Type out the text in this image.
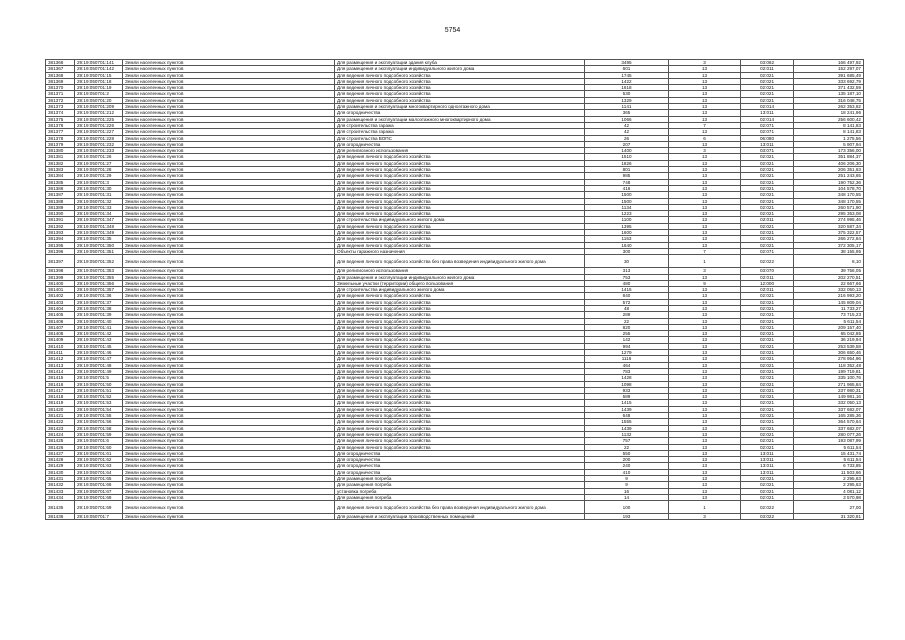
5754
381366	29:19:050701:141	Земли населенных пунктов	Для размещения и эксплуатации здания клуба	3495	3	03:062	166 497,92
381367	29:19:050701:142	Земли населенных пунктов	Для размещения и эксплуатации индивидуального жилого дома	601	13	02:011	152 297,07
381368	29:19:050701:15	Земли населенных пунктов	Для ведения личного подсобного хозяйства	1745	13	02:021	391 685,49
381369	29:19:050701:18	Земли населенных пунктов	Для ведения личного подсобного хозяйства	1422	13	02:021	333 692,79
381370	29:19:050701:19	Земли населенных пунктов	Для ведения личного подсобного хозяйства	1618	13	02:021	371 432,59
381371	29:19:050701:2	Земли населенных пунктов	Для ведения личного подсобного хозяйства	530	13	02:021	135 187,10
381372	29:19:050701:20	Земли населенных пунктов	Для ведения личного подсобного хозяйства	1329	13	02:021	316 048,75
381373	29:19:050701:209	Земли населенных пунктов	Для размещения и эксплуатации многоквартирного одноэтажного дома	1141	13	02:014	262 353,82
381374	29:19:050701:212	Земли населенных пунктов	Для огородничества	365	13	13:011	18 241,96
381375	29:19:050701:225	Земли населенных пунктов	Для размещения и эксплуатации малоэтажного многоквартирного дома	1066	13	02:014	256 600,42
381376	29:19:050701:226	Земли населенных пунктов	Для строительства гаража	42	7	02:071	8 141,83
381377	29:19:050701:227	Земли населенных пунктов	Для строительства гаража	42	13	02:071	8 141,83
381378	29:19:050701:228	Земли населенных пунктов	Для строительства ВОПС	26	6	06:080	1 275,56
381379	29:19:050701:232	Земли населенных пунктов	Для огородничества	207	13	13:011	5 907,94
381380	29:19:050701:233	Земли населенных пунктов	Для религиозного использования	1400	3	03:071	173 356,00
381381	29:19:050701:26	Земли населенных пунктов	Для ведения личного подсобного хозяйства	1510	13	02:021	351 884,37
381382	29:19:050701:27	Земли населенных пунктов	Для ведения личного подсобного хозяйства	1826	13	02:021	406 206,30
381383	29:19:050701:28	Земли населенных пунктов	Для ведения личного подсобного хозяйства	801	13	02:021	206 351,63
381384	29:19:050701:29	Земли населенных пунктов	Для ведения личного подсобного хозяйства	985	13	02:021	251 243,65
381385	29:19:050701:3	Земли населенных пунктов	Для ведения личного подсобного хозяйства	748	13	02:021	190 752,36
381386	29:19:050701:30	Земли населенных пунктов	Для ведения личного подсобного хозяйства	416	13	02:021	104 578,70
381387	29:19:050701:31	Земли населенных пунктов	Для ведения личного подсобного хозяйства	1500	13	02:021	348 170,55
381388	29:19:050701:32	Земли населенных пунктов	Для ведения личного подсобного хозяйства	1500	13	02:021	348 170,55
381389	29:19:050701:33	Земли населенных пунктов	Для ведения личного подсобного хозяйства	1134	13	02:021	260 571,90
381390	29:19:050701:34	Земли населенных пунктов	Для ведения личного подсобного хозяйства	1223	13	02:021	295 353,08
381391	29:19:050701:347	Земли населенных пунктов	Для строительства индивидуального жилого дома	1100	13	02:011	274 995,46
381392	29:19:050701:348	Земли населенных пунктов	Для ведения личного подсобного хозяйства	1395	13	02:021	320 587,34
381393	29:19:050701:349	Земли населенных пунктов	Для ведения личного подсобного хозяйства	1600	13	02:021	375 322,57
381394	29:19:050701:35	Земли населенных пунктов	Для ведения личного подсобного хозяйства	1153	13	02:021	266 272,84
381395	29:19:050701:350	Земли населенных пунктов	Для ведения личного подсобного хозяйства	1640	13	02:021	372 305,17
381396	29:19:050701:351	Земли населенных пунктов	Объекты гаражного назначения	300	7	02:071	38 155,95
381397	29:19:050701:352	Земли населенных пунктов	Для ведения личного подсобного хозяйства без права возведения индивидуального жилого дома	30	1	02:022	8,10
381398	29:19:050701:353	Земли населенных пунктов	Для религиозного использования	313	3	03:070	39 756,05
381399	29:19:050701:355	Земли населенных пунктов	Для размещения и эксплуатации индивидуального жилого дома	753	13	02:011	202 270,51
381400	29:19:050701:356	Земли населенных пунктов	Земельные участки (территории) общего пользования	480	9	12:000	22 667,66
381401	29:19:050701:357	Земли населенных пунктов	Для строительства индивидуального жилого дома	1415	13	02:011	332 050,13
381402	29:19:050701:36	Земли населенных пунктов	Для ведения личного подсобного хозяйства	840	13	02:021	216 993,20
381403	29:19:050701:37	Земли населенных пунктов	Для ведения личного подсобного хозяйства	572	13	02:021	145 809,04
381404	29:19:050701:38	Земли населенных пунктов	Для ведения личного подсобного хозяйства	48	13	02:021	11 733,27
381405	29:19:050701:39	Земли населенных пунктов	Для ведения личного подсобного хозяйства	289	13	02:021	73 715,23
381406	29:19:050701:40	Земли населенных пунктов	Для ведения личного подсобного хозяйства	22	13	02:021	5 611,54
381407	29:19:050701:41	Земли населенных пунктов	Для ведения личного подсобного хозяйства	820	13	02:021	209 157,40
381408	29:19:050701:42	Земли населенных пунктов	Для ведения личного подсобного хозяйства	255	13	02:021	65 042,85
381409	29:19:050701:43	Земли населенных пунктов	Для ведения личного подсобного хозяйства	142	13	02:021	36 219,94
381410	29:19:050701:45	Земли населенных пунктов	Для ведения личного подсобного хозяйства	994	13	02:021	253 539,58
381411	29:19:050701:46	Земли населенных пунктов	Для ведения личного подсобного хозяйства	1279	13	02:021	306 650,46
381412	29:19:050701:47	Земли населенных пунктов	Для ведения личного подсобного хозяйства	1116	13	02:021	278 954,96
381413	29:19:050701:48	Земли населенных пунктов	Для ведения личного подсобного хозяйства	464	13	02:021	118 352,48
381414	29:19:050701:49	Земли населенных пунктов	Для ведения личного подсобного хозяйства	783	13	02:021	199 719,81
381415	29:19:050701:5	Земли населенных пунктов	Для ведения личного подсобного хозяйства	1428	13	02:021	335 100,76
381416	29:19:050701:50	Земли населенных пунктов	Для ведения личного подсобного хозяйства	1098	13	02:021	271 965,84
381417	29:19:050701:51	Земли населенных пунктов	Для ведения личного подсобного хозяйства	933	13	02:021	237 980,31
381418	29:19:050701:52	Земли населенных пунктов	Для ведения личного подсобного хозяйства	589	13	02:021	149 981,16
381419	29:19:050701:53	Земли населенных пунктов	Для ведения личного подсобного хозяйства	1415	13	02:021	332 050,13
381420	29:19:050701:54	Земли населенных пунктов	Для ведения личного подсобного хозяйства	1439	13	02:021	337 682,07
381421	29:19:050701:55	Земли населенных пунктов	Для ведения личного подсобного хозяйства	648	13	02:021	165 285,36
381422	29:19:050701:56	Земли населенных пунктов	Для ведения личного подсобного хозяйства	1555	13	02:021	364 570,64
381423	29:19:050701:58	Земли населенных пунктов	Для ведения личного подсобного хозяйства	1439	13	02:021	337 682,07
381424	29:19:050701:59	Земли населенных пунктов	Для ведения личного подсобного хозяйства	1132	13	02:021	280 077,26
381425	29:19:050701:6	Земли населенных пунктов	Для ведения личного подсобного хозяйства	757	13	02:021	193 087,99
381426	29:19:050701:60	Земли населенных пунктов	Для ведения личного подсобного хозяйства	22	13	02:021	5 611,54
381427	29:19:050701:61	Земли населенных пунктов	Для огородничества	550	13	13:011	15 431,74
381428	29:19:050701:62	Земли населенных пунктов	Для огородничества	200	13	13:011	5 611,54
381429	29:19:050701:63	Земли населенных пунктов	Для огородничества	240	13	13:011	6 733,85
381430	29:19:050701:64	Земли населенных пунктов	Для огородничества	410	13	13:011	11 503,66
381431	29:19:050701:65	Земли населенных пунктов	Для размещения погреба	9	13	02:021	2 295,63
381432	29:19:050701:66	Земли населенных пунктов	Для размещения погреба	9	13	02:021	2 295,63
381433	29:19:050701:67	Земли населенных пунктов	установка погреба	16	13	02:021	4 081,12
381434	29:19:050701:68	Земли населенных пунктов	Для размещения погреба	14	13	02:021	3 570,98
381435	29:19:050701:69	Земли населенных пунктов	Для ведения личного подсобного хозяйства без права возведения индивидуального жилого дома	100	1	02:022	27,00
381436	29:19:050701:7	Земли населенных пунктов	Для размещения и эксплуатации производственных помещений	193	3	03:022	31 320,81
